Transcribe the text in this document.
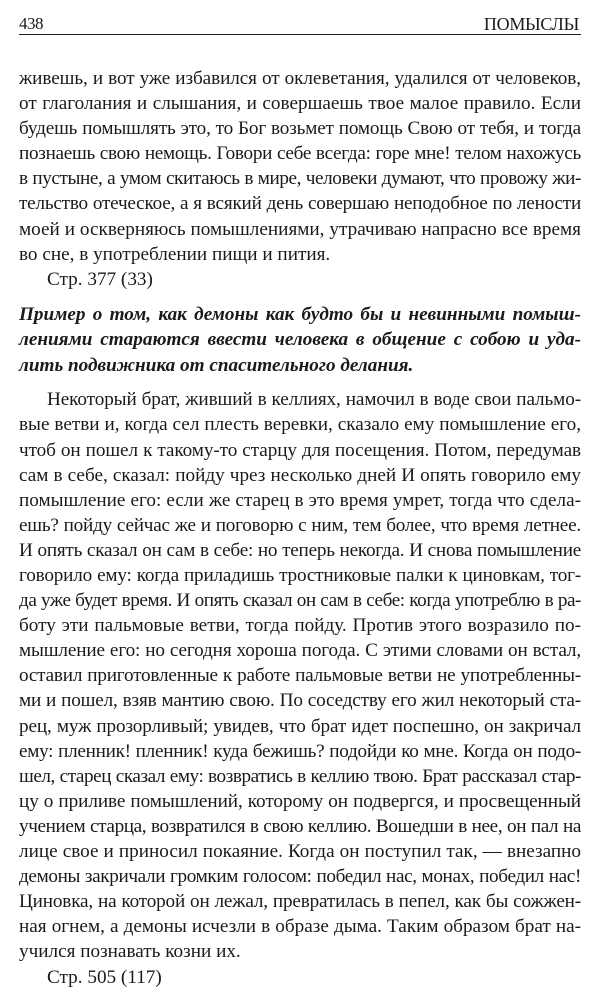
438	ПОМЫСЛЫ
живешь, и вот уже избавился от оклеветания, удалился от человеков,
от глаголания и слышания, и совершаешь твое малое правило. Если
будешь помышлять это, то Бог возьмет помощь Свою от тебя, и тогда
познаешь свою немощь. Говори себе всегда: горе мне! телом нахожусь
в пустыне, а умом скитаюсь в мире, человеки думают, что провожу жи-
тельство отеческое, а я всякий день совершаю неподобное по лености
моей и оскверняюсь помышлениями, утрачиваю напрасно все время
во сне, в употреблении пищи и пития.

Стр. 377 (33)

Пример о том, как демоны как будто бы и невинными помыш-
лениями стараются ввести человека в общение с собою и уда-
лить подвижника от спасительного делания.
Некоторый брат, живший в келлиях, намочил в воде свои пальмо-
вые ветви и, когда сел плесть веревки, сказало ему помышление его,
чтоб он пошел к такому-то старцу для посещения. Потом, передумав
сам в себе, сказал: пойду чрез несколько дней И опять говорило ему
помышление его: если же старец в это время умрет, тогда что сдела-
ешь? пойду сейчас же и поговорю с ним, тем более, что время летнее.
И опять сказал он сам в себе: но теперь некогда. И снова помышление
говорило ему: когда приладишь тростниковые палки к циновкам, тог-
да уже будет время. И опять сказал он сам в себе: когда употреблю в ра-
боту эти пальмовые ветви, тогда пойду. Против этого возразило по-
мышление его: но сегодня хороша погода. С этими словами он встал,
оставил приготовленные к работе пальмовые ветви не употребленны-
ми и пошел, взяв мантию свою. По соседству его жил некоторый ста-
рец, муж прозорливый; увидев, что брат идет поспешно, он закричал
ему: пленник! пленник! куда бежишь? подойди ко мне. Когда он подо-
шел, старец сказал ему: возвратись в келлию твою. Брат рассказал стар-
цу о приливе помышлений, которому он подвергся, и просвещенный
учением старца, возвратился в свою келлию. Вошедши в нее, он пал на
лице свое и приносил покаяние. Когда он поступил так, — внезапно
демоны закричали громким голосом: победил нас, монах, победил нас!
Циновка, на которой он лежал, превратилась в пепел, как бы сожжен-
ная огнем, а демоны исчезли в образе дыма. Таким образом брат на-
учился познавать козни их.

Стр. 505 (117)
